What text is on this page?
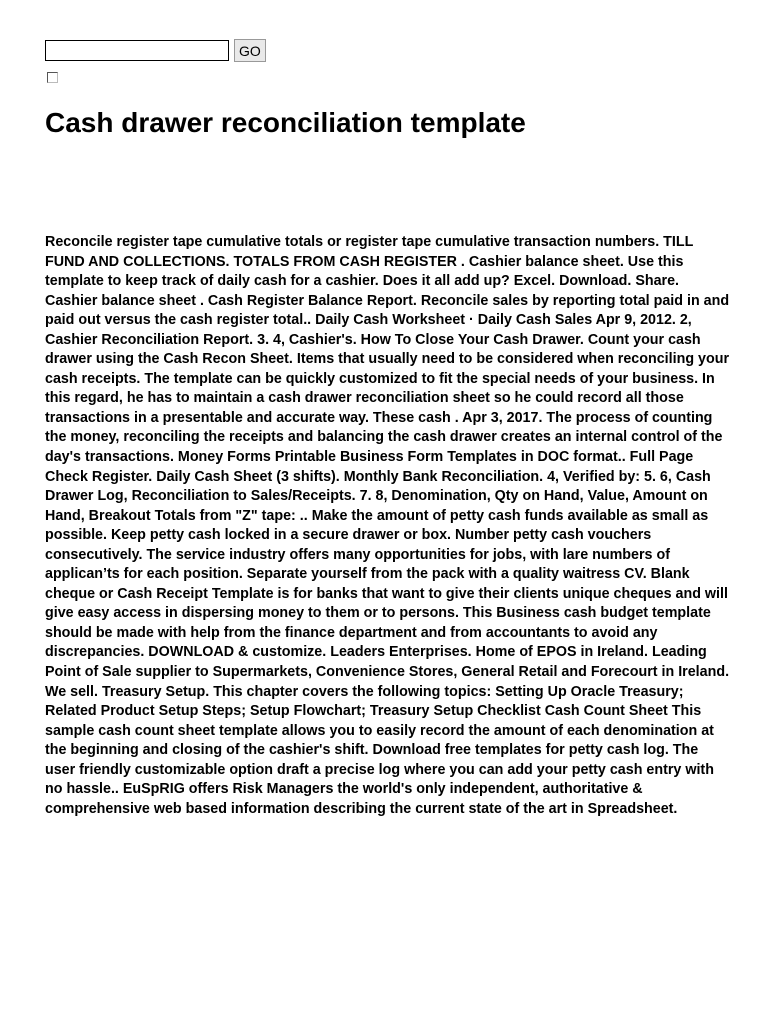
GO
Cash drawer reconciliation template

Reconcile register tape cumulative totals or register tape cumulative transaction numbers. TILL FUND AND COLLECTIONS. TOTALS FROM CASH REGISTER . Cashier balance sheet. Use this template to keep track of daily cash for a cashier. Does it all add up? Excel. Download. Share. Cashier balance sheet . Cash Register Balance Report. Reconcile sales by reporting total paid in and paid out versus the cash register total.. Daily Cash Worksheet · Daily Cash Sales Apr 9, 2012. 2, Cashier Reconciliation Report. 3. 4, Cashier's. How To Close Your Cash Drawer. Count your cash drawer using the Cash Recon Sheet. Items that usually need to be considered when reconciling your cash receipts. The template can be quickly customized to fit the special needs of your business. In this regard, he has to maintain a cash drawer reconciliation sheet so he could record all those transactions in a presentable and accurate way. These cash . Apr 3, 2017. The process of counting the money, reconciling the receipts and balancing the cash drawer creates an internal control of the day's transactions. Money Forms Printable Business Form Templates in DOC format.. Full Page Check Register. Daily Cash Sheet (3 shifts). Monthly Bank Reconciliation. 4, Verified by: 5. 6, Cash Drawer Log, Reconciliation to Sales/Receipts. 7. 8, Denomination, Qty on Hand, Value, Amount on Hand, Breakout Totals from "Z" tape: .. Make the amount of petty cash funds available as small as possible. Keep petty cash locked in a secure drawer or box. Number petty cash vouchers consecutively. The service industry offers many opportunities for jobs, with lare numbers of applican’ts for each position. Separate yourself from the pack with a quality waitress CV. Blank cheque or Cash Receipt Template is for banks that want to give their clients unique cheques and will give easy access in dispersing money to them or to persons. This Business cash budget template should be made with help from the finance department and from accountants to avoid any discrepancies. DOWNLOAD & customize. Leaders Enterprises. Home of EPOS in Ireland. Leading Point of Sale supplier to Supermarkets, Convenience Stores, General Retail and Forecourt in Ireland. We sell. Treasury Setup. This chapter covers the following topics: Setting Up Oracle Treasury; Related Product Setup Steps; Setup Flowchart; Treasury Setup Checklist Cash Count Sheet This sample cash count sheet template allows you to easily record the amount of each denomination at the beginning and closing of the cashier's shift. Download free templates for petty cash log. The user friendly customizable option draft a precise log where you can add your petty cash entry with no hassle.. EuSpRIG offers Risk Managers the world's only independent, authoritative & comprehensive web based information describing the current state of the art in Spreadsheet.
